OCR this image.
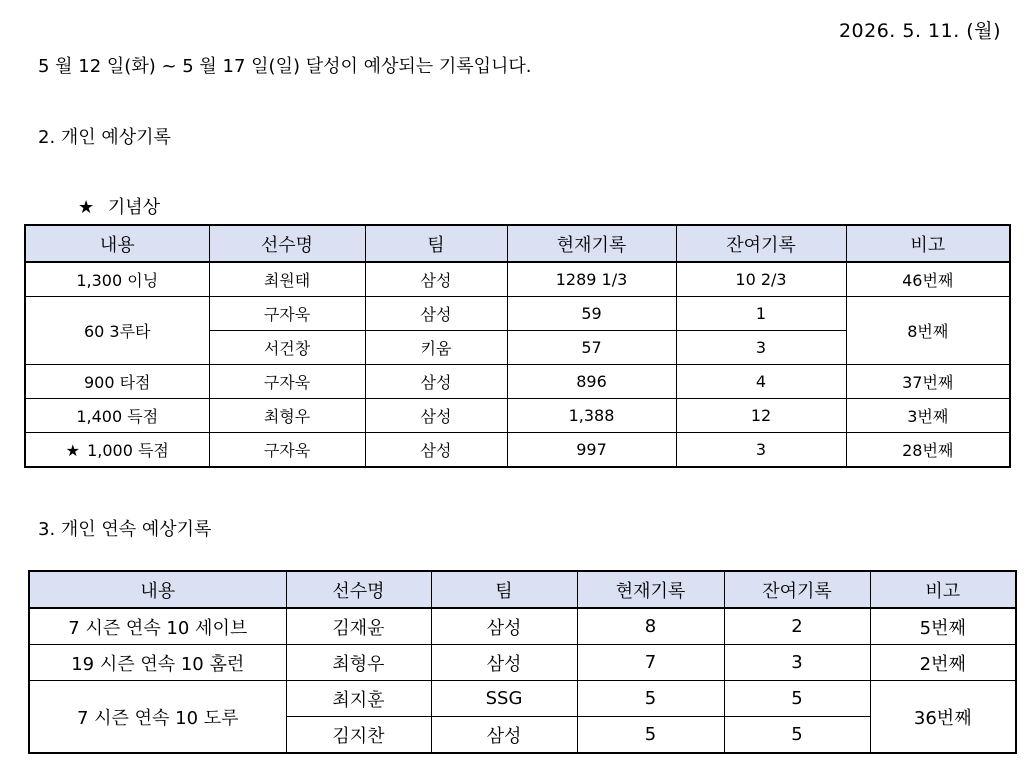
2026. 5. 11. (월)
5 월 12 일(화) ~ 5 월 17 일(일) 달성이 예상되는 기록입니다.
2. 개인 예상기록
★ 기념상
내용	선수명	팀	현재기록	잔여기록	비고
1,300 이닝	최원태	삼성	1289 1/3	10 2/3	46번째
60 3루타	구자욱	삼성	59	1	8번째
	서건창	키움	57	3	
900 타점	구자욱	삼성	896	4	37번째
1,400 득점	최형우	삼성	1,388	12	3번째
★ 1,000 득점	구자욱	삼성	997	3	28번째
3. 개인 연속 예상기록
내용	선수명	팀	현재기록	잔여기록	비고
7 시즌 연속 10 세이브	김재윤	삼성	8	2	5번째
19 시즌 연속 10 홈런	최형우	삼성	7	3	2번째
7 시즌 연속 10 도루	최지훈	SSG	5	5	36번째
	김지찬	삼성	5	5	
